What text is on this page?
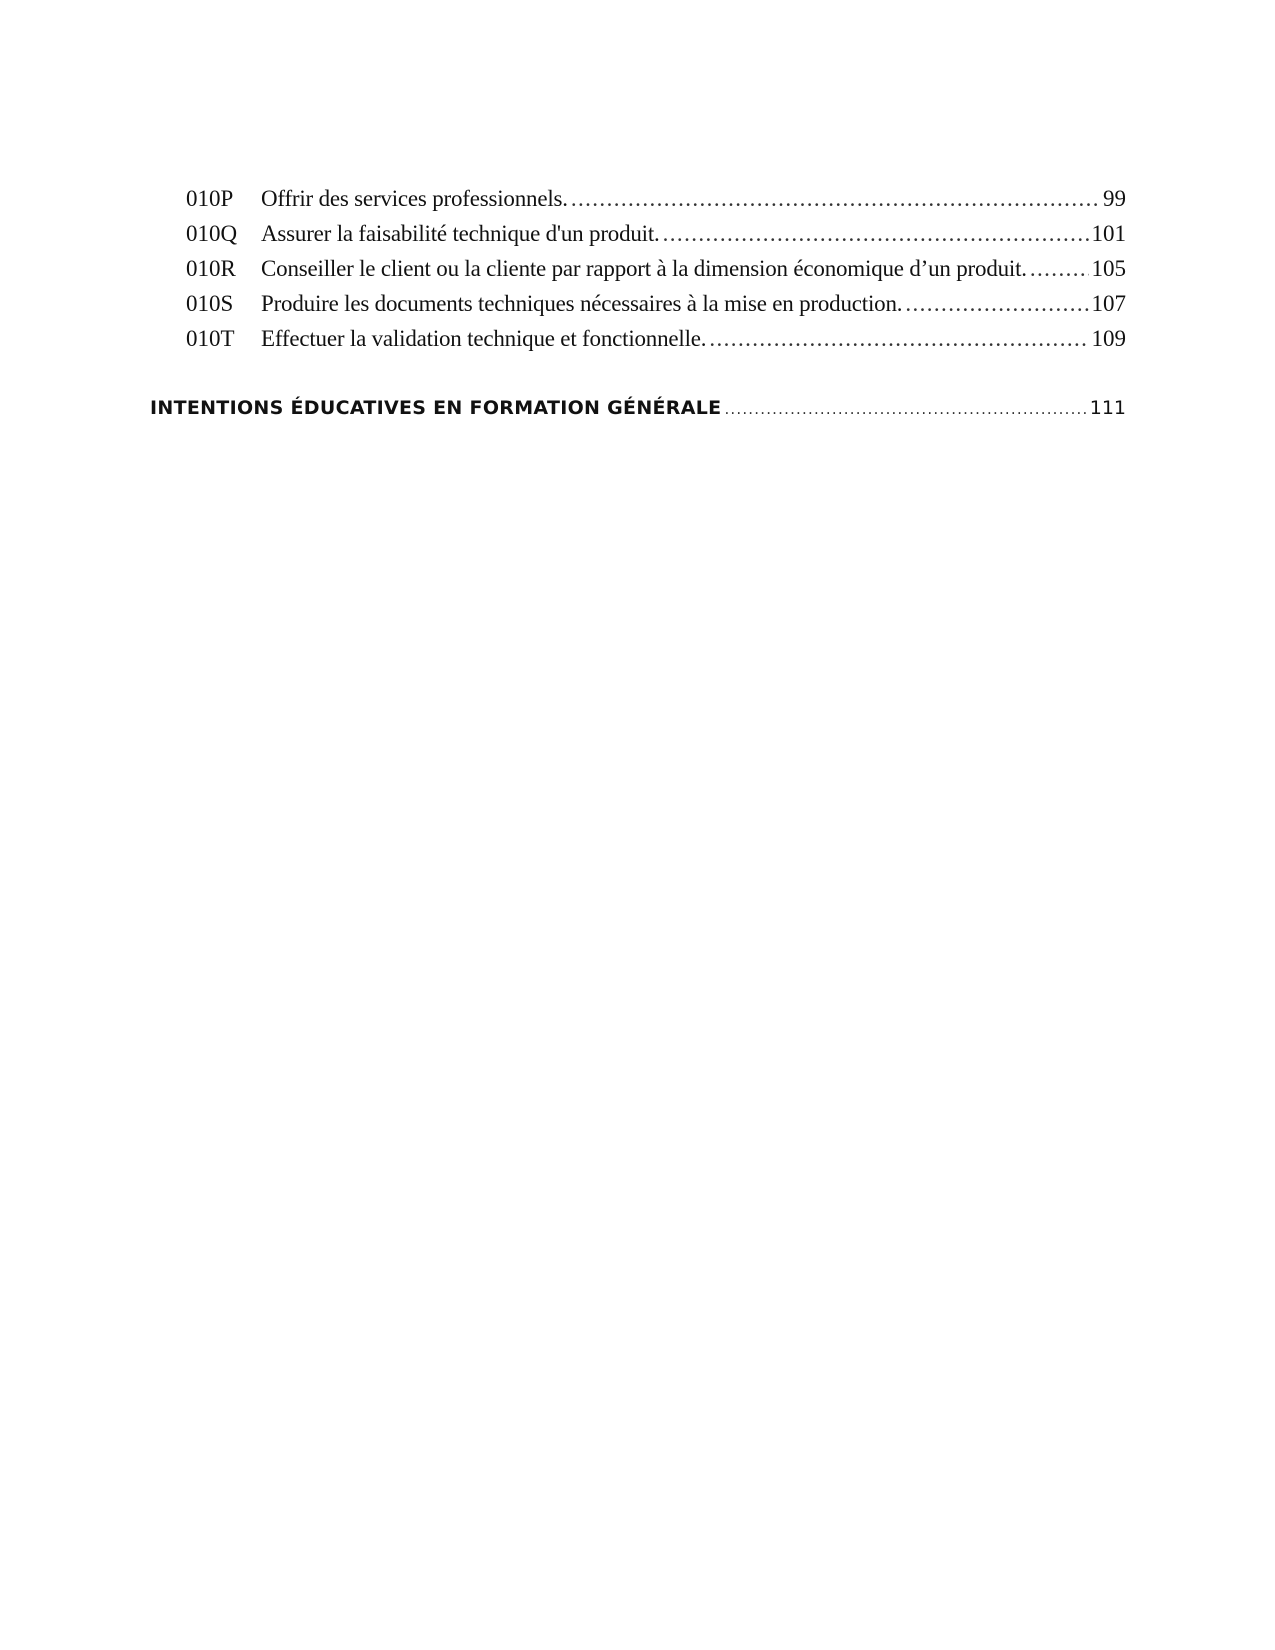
010P	Offrir des services professionnels. .....	99
010Q	Assurer la faisabilité technique d'un produit. .....	101
010R	Conseiller le client ou la cliente par rapport à la dimension économique d’un produit. .....	105
010S	Produire les documents techniques nécessaires à la mise en production. .....	107
010T	Effectuer la validation technique et fonctionnelle. .....	109
INTENTIONS ÉDUCATIVES EN FORMATION GÉNÉRALE .....	111
